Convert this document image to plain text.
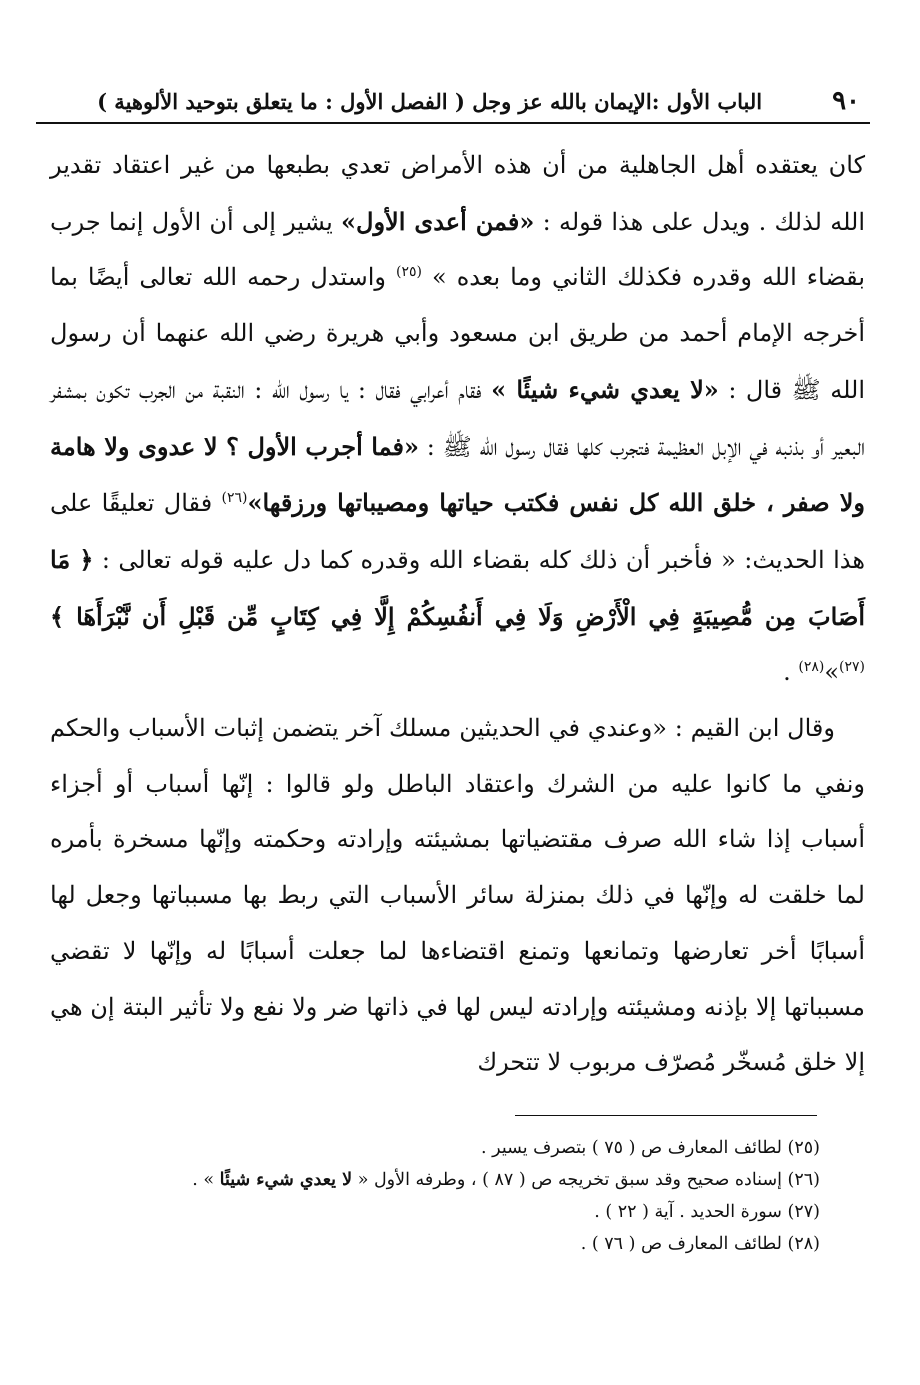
٩٠
الباب الأول :الإيمان بالله عز وجل ( الفصل الأول : ما يتعلق بتوحيد الألوهية )

كان يعتقده أهل الجاهلية من أن هذه الأمراض تعدي بطبعها من غير اعتقاد تقدير الله لذلك . ويدل على هذا قوله : «فمن أعدى الأول» يشير إلى أن الأول إنما جرب بقضاء الله وقدره فكذلك الثاني وما بعده » $^{(٢٥)}$ واستدل رحمه الله تعالى أيضًا بما أخرجه الإمام أحمد من طريق ابن مسعود وأبي هريرة رضي الله عنهما أن رسول الله ﷺ قال : «لا يعدي شيء شيئًا » فقام أعرابي فقال : يا رسول الله : النقبة من الجرب تكون بمشفر البعير أو بذنبه في الإبل العظيمة فتجرب كلها فقال رسول الله ﷺ : «فما أجرب الأول ؟ لا عدوى ولا هامة ولا صفر ، خلق الله كل نفس فكتب حياتها ومصيباتها ورزقها»$^{(٢٦)}$ فقال تعليقًا على هذا الحديث: « فأخبر أن ذلك كله بقضاء الله وقدره كما دل عليه قوله تعالى : ﴿ مَا أَصَابَ مِن مُّصِيبَةٍ فِي الْأَرْضِ وَلَا فِي أَنفُسِكُمْ إِلَّا فِي كِتَابٍ مِّن قَبْلِ أَن نَّبْرَأَهَا ﴾$^{(٢٧)}$»$^{(٢٨)}$ .

وقال ابن القيم : «وعندي في الحديثين مسلك آخر يتضمن إثبات الأسباب والحكم ونفي ما كانوا عليه من الشرك واعتقاد الباطل ولو قالوا : إنّها أسباب أو أجزاء أسباب إذا شاء الله صرف مقتضياتها بمشيئته وإرادته وحكمته وإنّها مسخرة بأمره لما خلقت له وإنّها في ذلك بمنزلة سائر الأسباب التي ربط بها مسبباتها وجعل لها أسبابًا أخر تعارضها وتمانعها وتمنع اقتضاءها لما جعلت أسبابًا له وإنّها لا تقضي مسبباتها إلا بإذنه ومشيئته وإرادته ليس لها في ذاتها ضر ولا نفع ولا تأثير البتة إن هي إلا خلق مُسخّر مُصرّف مربوب لا تتحرك

(٢٥) لطائف المعارف ص ( ٧٥ ) بتصرف يسير .
(٢٦) إسناده صحيح وقد سبق تخريجه ص ( ٨٧ ) ، وطرفه الأول « لا يعدي شيء شيئًا » .
(٢٧) سورة الحديد . آية ( ٢٢ ) .
(٢٨) لطائف المعارف ص ( ٧٦ ) .
